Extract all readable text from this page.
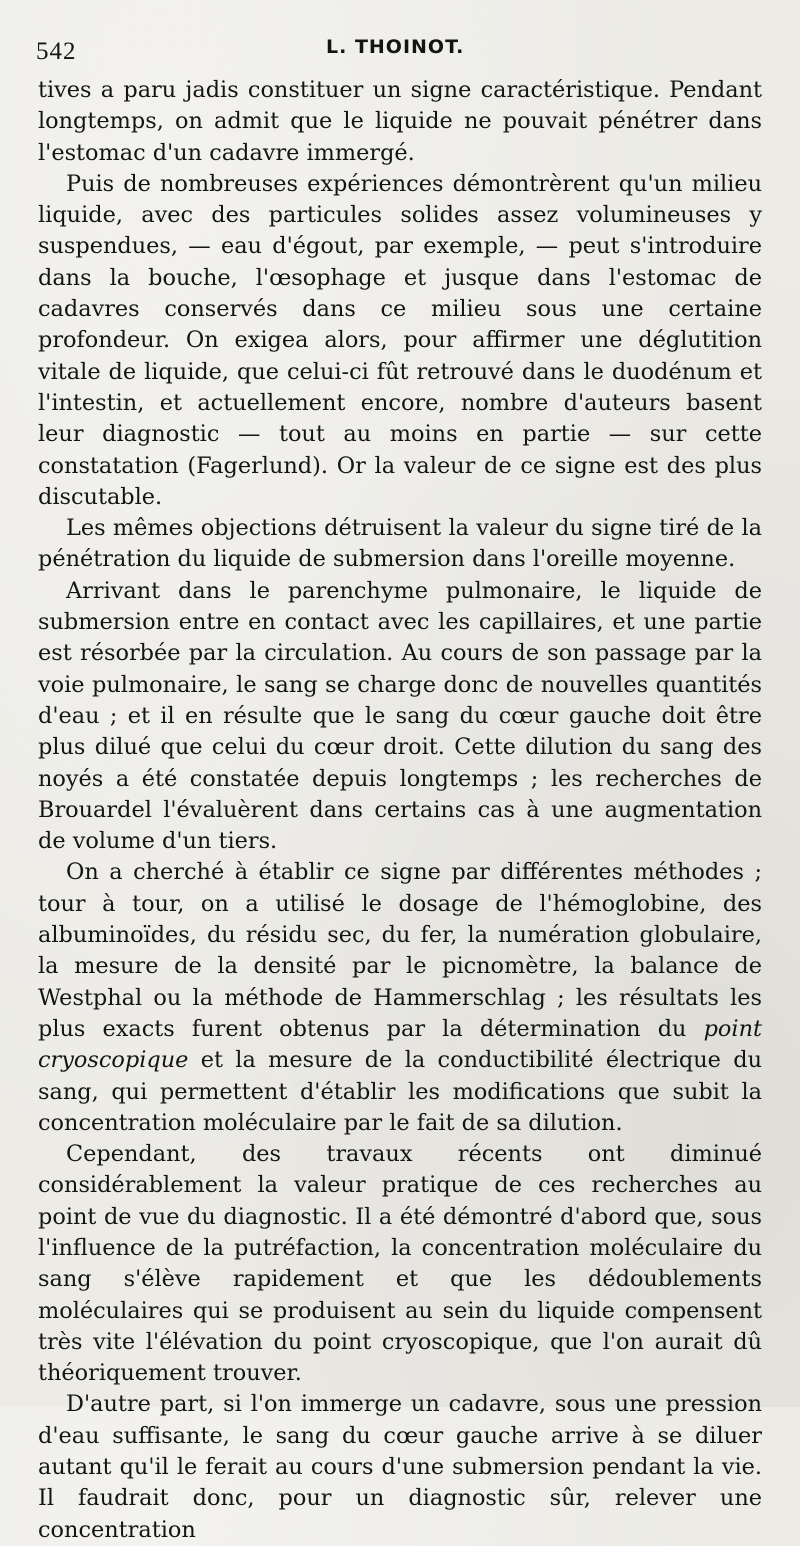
542	L. THOINOT.

tives a paru jadis constituer un signe caractéristique. Pendant longtemps, on admit que le liquide ne pouvait pénétrer dans l'estomac d'un cadavre immergé.

Puis de nombreuses expériences démontrèrent qu'un milieu liquide, avec des particules solides assez volumineuses y suspendues, — eau d'égout, par exemple, — peut s'introduire dans la bouche, l'œsophage et jusque dans l'estomac de cadavres conservés dans ce milieu sous une certaine profondeur. On exigea alors, pour affirmer une déglutition vitale de liquide, que celui-ci fût retrouvé dans le duodénum et l'intestin, et actuellement encore, nombre d'auteurs basent leur diagnostic — tout au moins en partie — sur cette constatation (Fagerlund). Or la valeur de ce signe est des plus discutable.

Les mêmes objections détruisent la valeur du signe tiré de la pénétration du liquide de submersion dans l'oreille moyenne.

Arrivant dans le parenchyme pulmonaire, le liquide de submersion entre en contact avec les capillaires, et une partie est résorbée par la circulation. Au cours de son passage par la voie pulmonaire, le sang se charge donc de nouvelles quantités d'eau ; et il en résulte que le sang du cœur gauche doit être plus dilué que celui du cœur droit. Cette dilution du sang des noyés a été constatée depuis longtemps ; les recherches de Brouardel l'évaluèrent dans certains cas à une augmentation de volume d'un tiers.

On a cherché à établir ce signe par différentes méthodes ; tour à tour, on a utilisé le dosage de l'hémoglobine, des albuminoïdes, du résidu sec, du fer, la numération globulaire, la mesure de la densité par le picnomètre, la balance de Westphal ou la méthode de Hammerschlag ; les résultats les plus exacts furent obtenus par la détermination du point cryoscopique et la mesure de la conductibilité électrique du sang, qui permettent d'établir les modifications que subit la concentration moléculaire par le fait de sa dilution.

Cependant, des travaux récents ont diminué considérablement la valeur pratique de ces recherches au point de vue du diagnostic. Il a été démontré d'abord que, sous l'influence de la putréfaction, la concentration moléculaire du sang s'élève rapidement et que les dédoublements moléculaires qui se produisent au sein du liquide compensent très vite l'élévation du point cryoscopique, que l'on aurait dû théoriquement trouver.

D'autre part, si l'on immerge un cadavre, sous une pression d'eau suffisante, le sang du cœur gauche arrive à se diluer autant qu'il le ferait au cours d'une submersion pendant la vie. Il faudrait donc, pour un diagnostic sûr, relever une concentration
